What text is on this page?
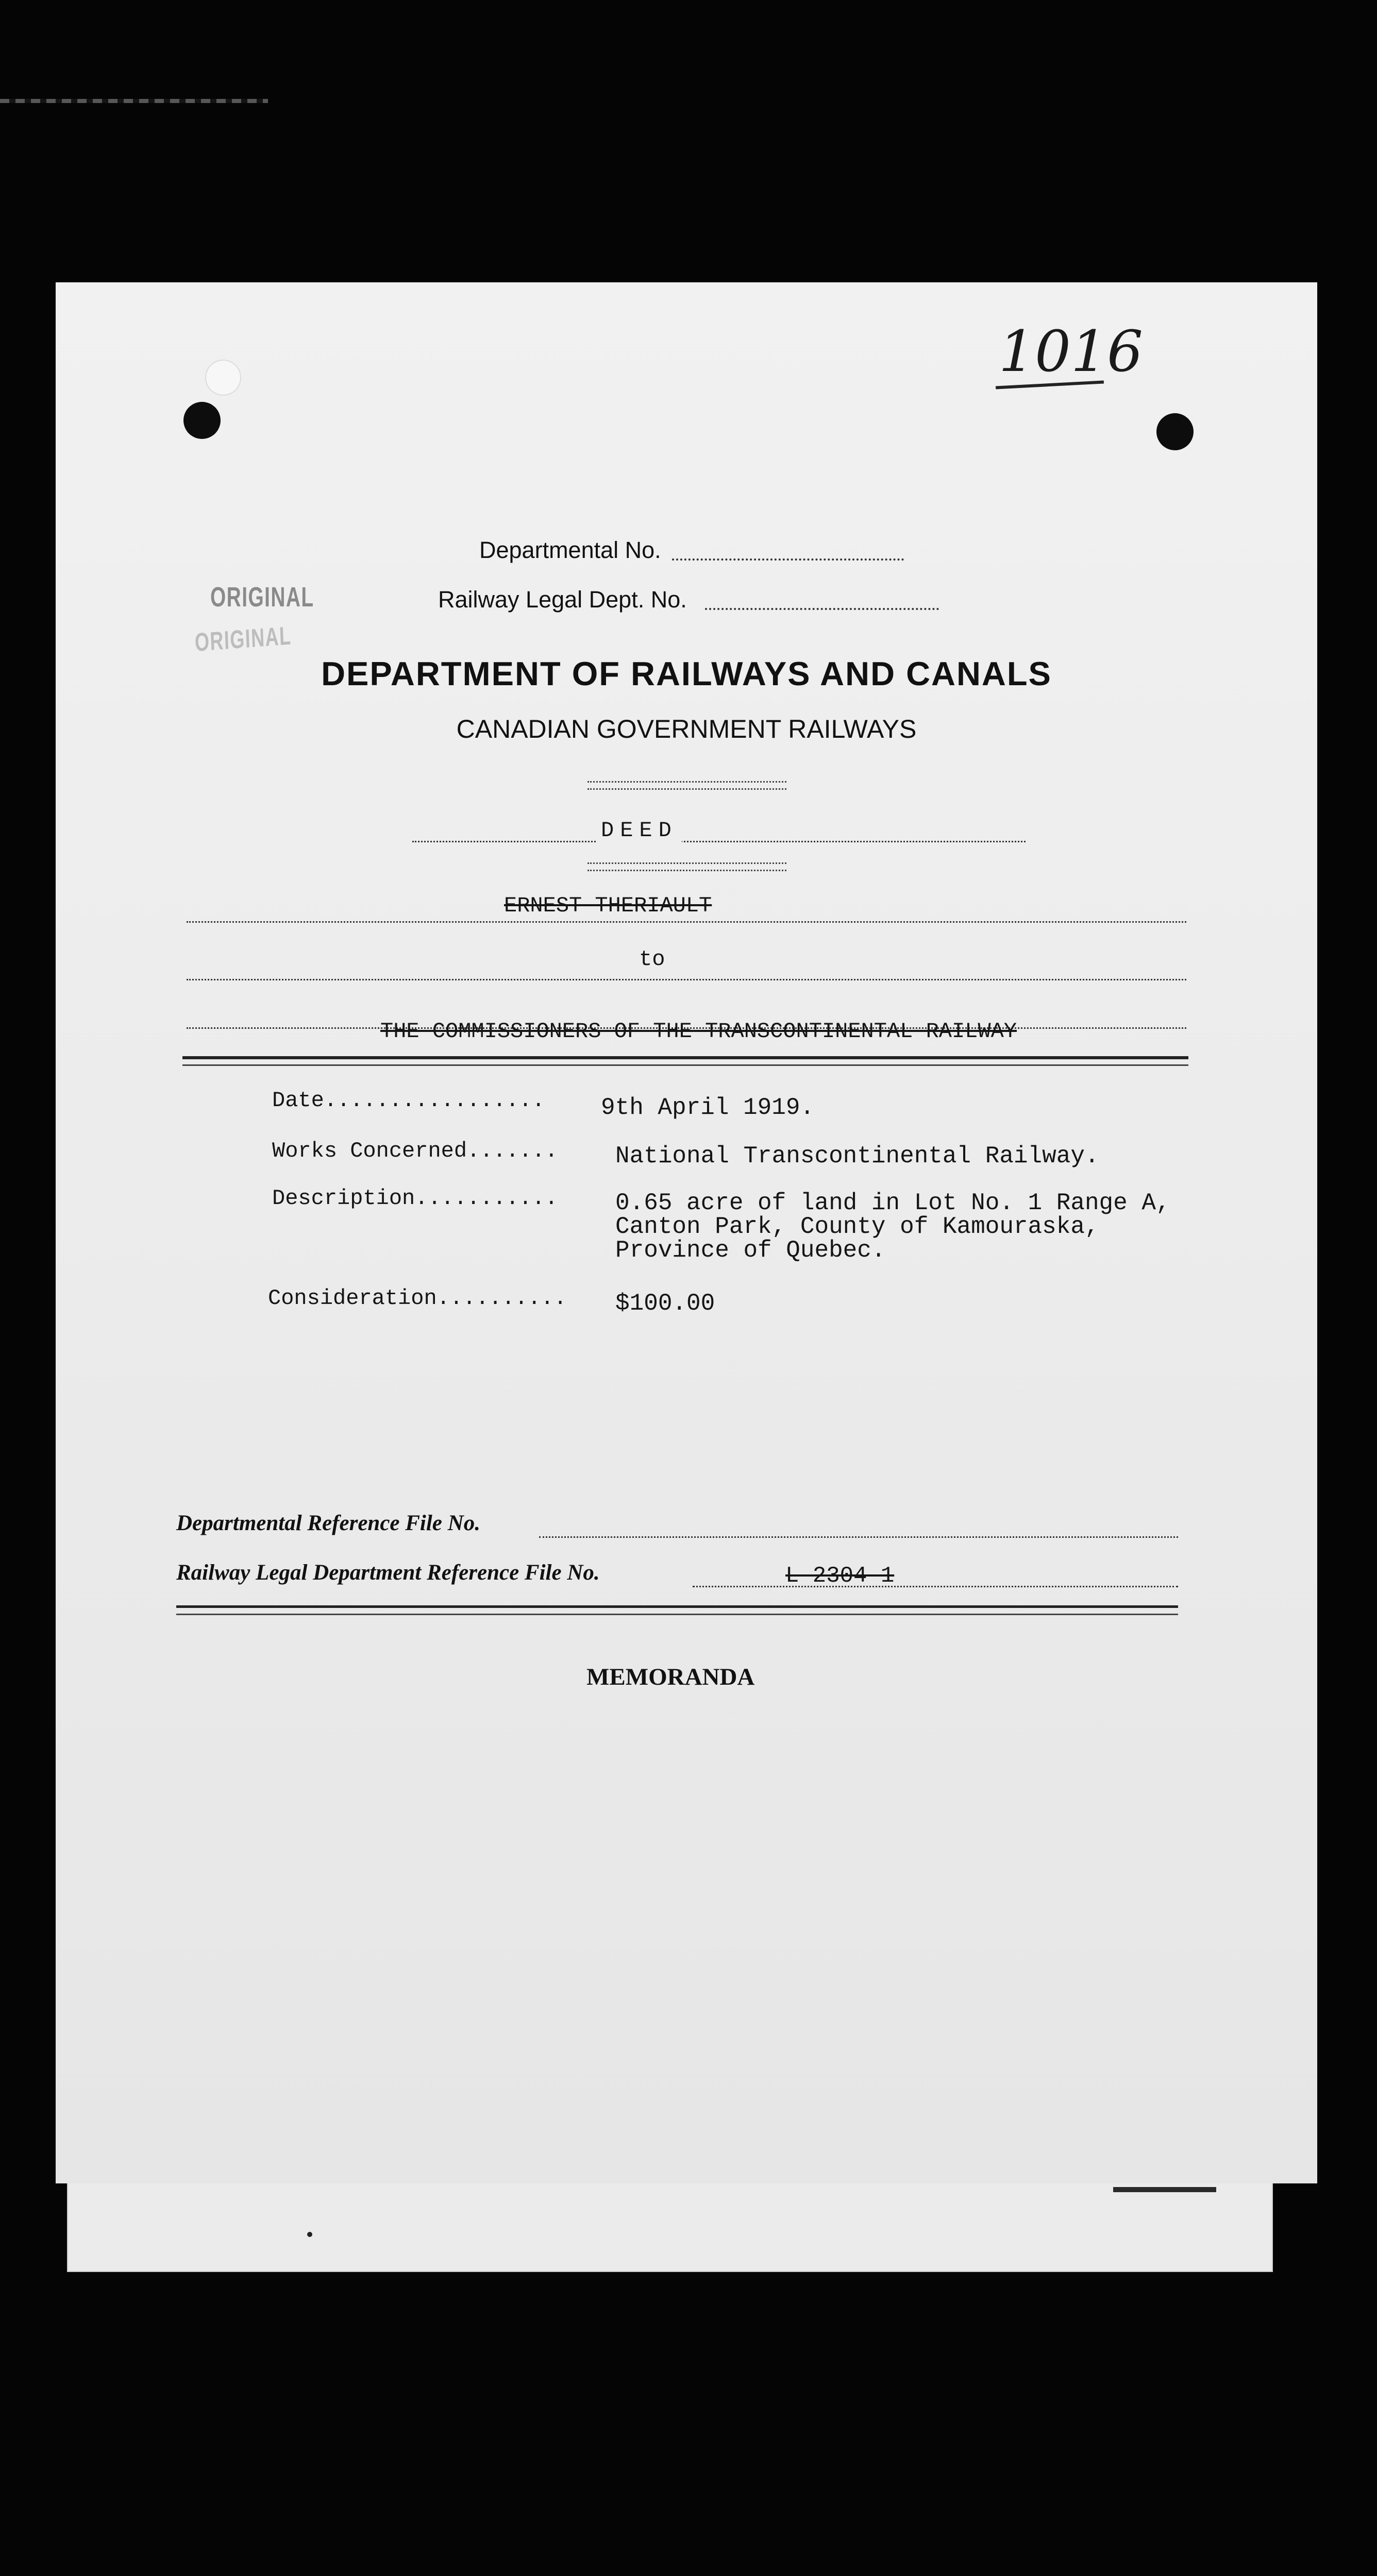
1016
ORIGINAL
ORIGINAL
Departmental No.
Railway Legal Dept. No.
DEPARTMENT OF RAILWAYS AND CANALS
CANADIAN GOVERNMENT RAILWAYS
DEED
ERNEST THERIAULT
to
THE COMMISSIONERS OF THE TRANSCONTINENTAL RAILWAY
Date................. 9th April 1919.
Works Concerned....... National Transcontinental Railway.
Description........... 0.65 acre of land in Lot No. 1 Range A,
Canton Park, County of Kamouraska,
Province of Quebec.
Consideration.......... $100.00
Departmental Reference File No.
Railway Legal Department Reference File No.	L-2304-1
MEMORANDA
